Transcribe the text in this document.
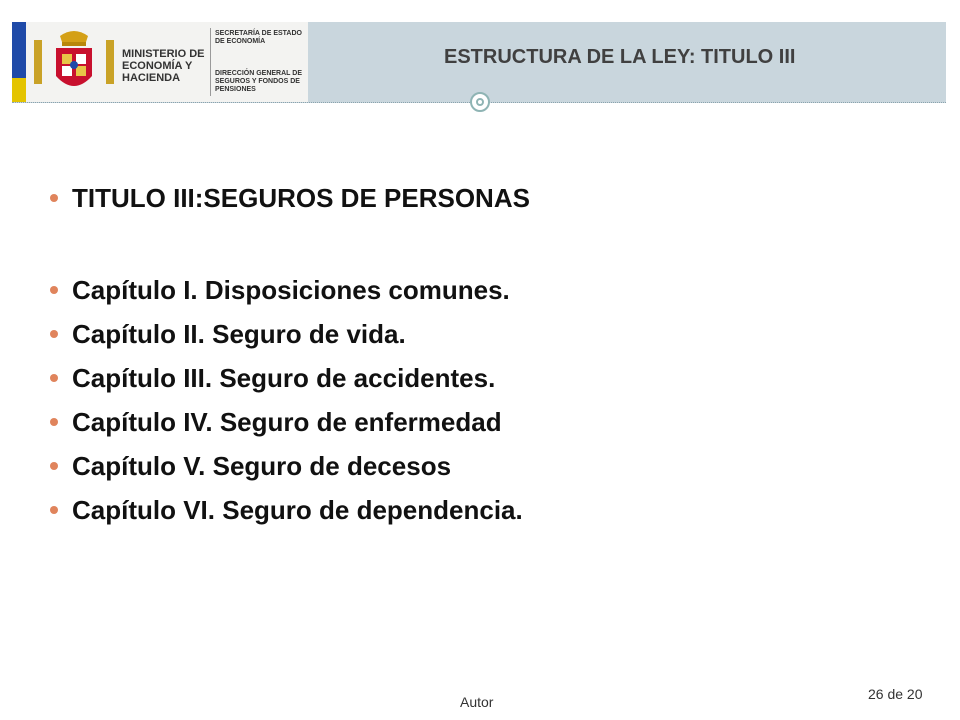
MINISTERIO DE ECONOMÍA Y HACIENDA
SECRETARÍA DE ESTADO DE ECONOMÍA
DIRECCIÓN GENERAL DE SEGUROS Y FONDOS DE PENSIONES
ESTRUCTURA DE LA LEY: TITULO III
TITULO III:SEGUROS DE PERSONAS
Capítulo I. Disposiciones comunes.
Capítulo II. Seguro de vida.
Capítulo III. Seguro de accidentes.
Capítulo IV. Seguro de enfermedad
Capítulo V. Seguro de decesos
Capítulo VI. Seguro de dependencia.
Autor	26 de 20
